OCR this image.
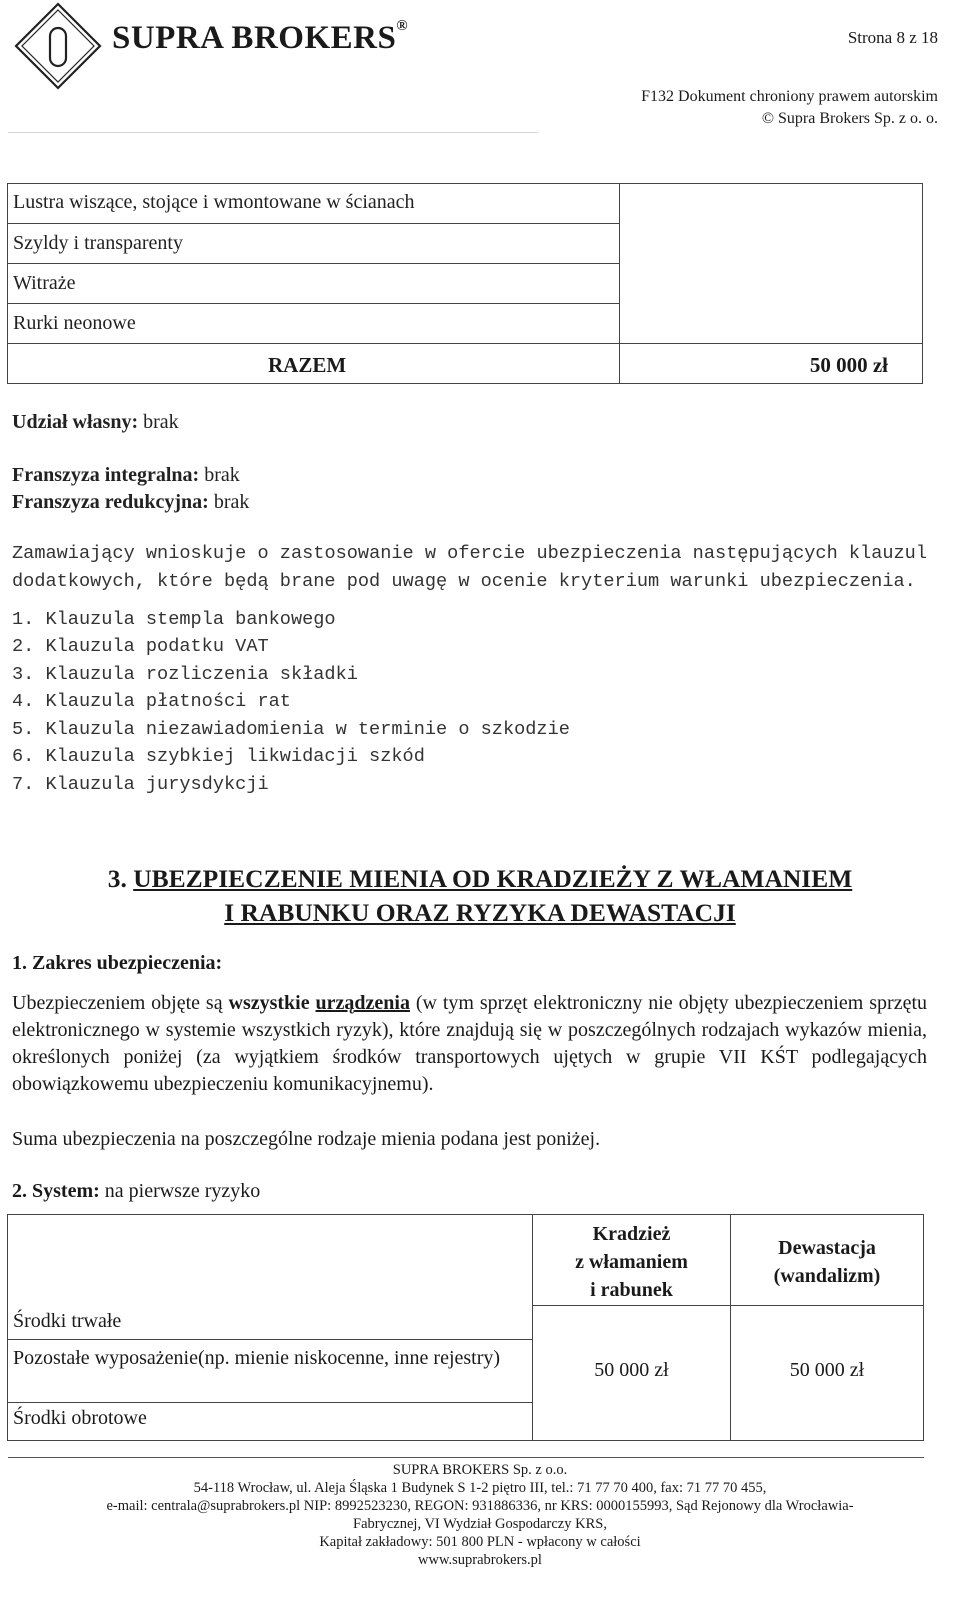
SUPRA BROKERS®
Strona 8 z 18
F132 Dokument chroniony prawem autorskim
© Supra Brokers Sp. z o. o.
Lustra wiszące, stojące i wmontowane w ścianach
Szyldy i transparenty
Witraże
Rurki neonowe
RAZEM	50 000 zł
Udział własny: brak
Franszyza integralna: brak
Franszyza redukcyjna: brak
Zamawiający wnioskuje o zastosowanie w ofercie ubezpieczenia następujących klauzul dodatkowych, które będą brane pod uwagę w ocenie kryterium warunki ubezpieczenia.
1. Klauzula stempla bankowego
2. Klauzula podatku VAT
3. Klauzula rozliczenia składki
4. Klauzula płatności rat
5. Klauzula niezawiadomienia w terminie o szkodzie
6. Klauzula szybkiej likwidacji szkód
7. Klauzula jurysdykcji
3. UBEZPIECZENIE MIENIA OD KRADZIEŻY Z WŁAMANIEM
I RABUNKU ORAZ RYZYKA DEWASTACJI
1. Zakres ubezpieczenia:
Ubezpieczeniem objęte są wszystkie urządzenia (w tym sprzęt elektroniczny nie objęty ubezpieczeniem sprzętu elektronicznego w systemie wszystkich ryzyk), które znajdują się w poszczególnych rodzajach wykazów mienia, określonych poniżej (za wyjątkiem środków transportowych ujętych w grupie VII KŚT podlegających obowiązkowemu ubezpieczeniu komunikacyjnemu).
Suma ubezpieczenia na poszczególne rodzaje mienia podana jest poniżej.
2. System: na pierwsze ryzyko
Kradzież
z włamaniem
i rabunek
Dewastacja
(wandalizm)
Środki trwałe
Pozostałe wyposażenie(np. mienie niskocenne, inne rejestry)
Środki obrotowe
50 000 zł	50 000 zł
SUPRA BROKERS Sp. z o.o.
54-118 Wrocław, ul. Aleja Śląska 1 Budynek S 1-2 piętro III, tel.: 71 77 70 400, fax: 71 77 70 455,
e-mail: centrala@suprabrokers.pl NIP: 8992523230, REGON: 931886336, nr KRS: 0000155993, Sąd Rejonowy dla Wrocławia-
Fabrycznej, VI Wydział Gospodarczy KRS,
Kapitał zakładowy: 501 800 PLN - wpłacony w całości
www.suprabrokers.pl
